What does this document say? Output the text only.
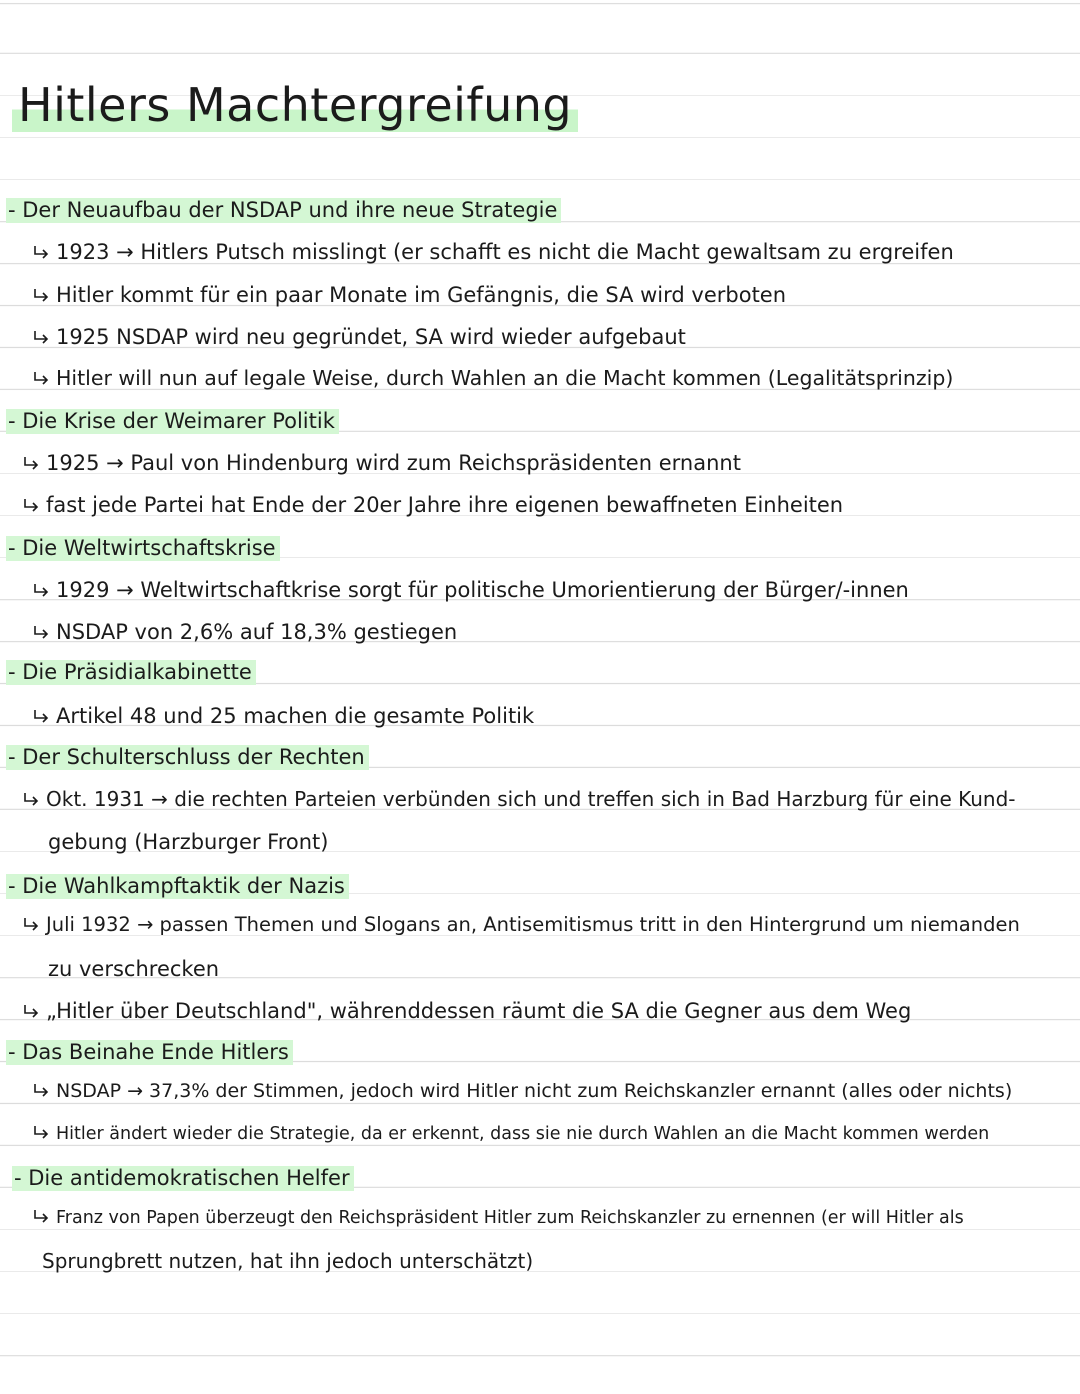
Hitlers Machtergreifung
- Der Neuaufbau der NSDAP und ihre neue Strategie
1923 → Hitlers Putsch misslingt (er schafft es nicht die Macht gewaltsam zu ergreifen
Hitler kommt für ein paar Monate im Gefängnis, die SA wird verboten
1925 NSDAP wird neu gegründet, SA wird wieder aufgebaut
Hitler will nun auf legale Weise, durch Wahlen an die Macht kommen (Legalitätsprinzip)
- Die Krise der Weimarer Politik
1925 → Paul von Hindenburg wird zum Reichspräsidenten ernannt
fast jede Partei hat Ende der 20er Jahre ihre eigenen bewaffneten Einheiten
- Die Weltwirtschaftskrise
1929 → Weltwirtschaftkrise sorgt für politische Umorientierung der Bürger/-innen
NSDAP von 2,6% auf 18,3% gestiegen
- Die Präsidialkabinette
Artikel 48 und 25 machen die gesamte Politik
- Der Schulterschluss der Rechten
Okt. 1931 → die rechten Parteien verbünden sich und treffen sich in Bad Harzburg für eine Kund-
gebung (Harzburger Front)
- Die Wahlkampftaktik der Nazis
Juli 1932 → passen Themen und Slogans an, Antisemitismus tritt in den Hintergrund um niemanden
zu verschrecken
„Hitler über Deutschland", währenddessen räumt die SA die Gegner aus dem Weg
- Das Beinahe Ende Hitlers
NSDAP → 37,3% der Stimmen, jedoch wird Hitler nicht zum Reichskanzler ernannt (alles oder nichts)
Hitler ändert wieder die Strategie, da er erkennt, dass sie nie durch Wahlen an die Macht kommen werden
- Die antidemokratischen Helfer
Franz von Papen überzeugt den Reichspräsident Hitler zum Reichskanzler zu ernennen (er will Hitler als
Sprungbrett nutzen, hat ihn jedoch unterschätzt)
